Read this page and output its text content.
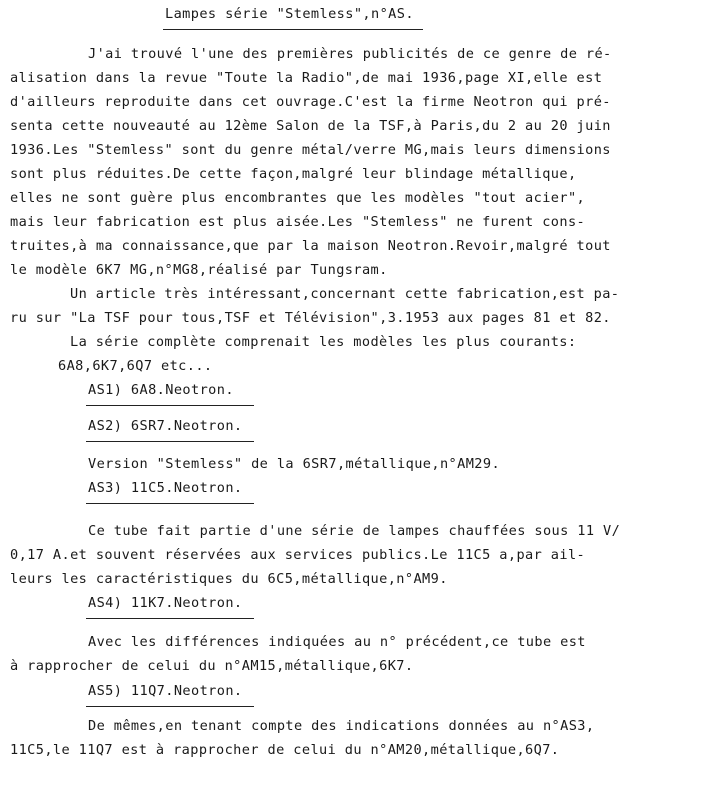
Lampes série "Stemless",n°AS.
J'ai trouvé l'une des premières publicités de ce genre de ré-
alisation dans la revue "Toute la Radio",de mai 1936,page XI,elle est
d'ailleurs reproduite dans cet ouvrage.C'est la firme Neotron qui pré-
senta cette nouveauté au 12ème Salon de la TSF,à Paris,du 2 au 20 juin
1936.Les "Stemless" sont du genre métal/verre MG,mais leurs dimensions
sont plus réduites.De cette façon,malgré leur blindage métallique,
elles ne sont guère plus encombrantes que les modèles "tout acier",
mais leur fabrication est plus aisée.Les "Stemless" ne furent cons-
truites,à ma connaissance,que par la maison Neotron.Revoir,malgré tout
le modèle 6K7 MG,n°MG8,réalisé par Tungsram.
Un article très intéressant,concernant cette fabrication,est pa-
ru sur "La TSF pour tous,TSF et Télévision",3.1953 aux pages 81 et 82.
La série complète comprenait les modèles les plus courants:
6A8,6K7,6Q7 etc...
AS1) 6A8.Neotron.
AS2) 6SR7.Neotron.
Version "Stemless" de la 6SR7,métallique,n°AM29.
AS3) 11C5.Neotron.
Ce tube fait partie d'une série de lampes chauffées sous 11 V/
0,17 A.et souvent réservées aux services publics.Le 11C5 a,par ail-
leurs les caractéristiques du 6C5,métallique,n°AM9.
AS4) 11K7.Neotron.
Avec les différences indiquées au n° précédent,ce tube est
à rapprocher de celui du n°AM15,métallique,6K7.
AS5) 11Q7.Neotron.
De mêmes,en tenant compte des indications données au n°AS3,
11C5,le 11Q7 est à rapprocher de celui du n°AM20,métallique,6Q7.
